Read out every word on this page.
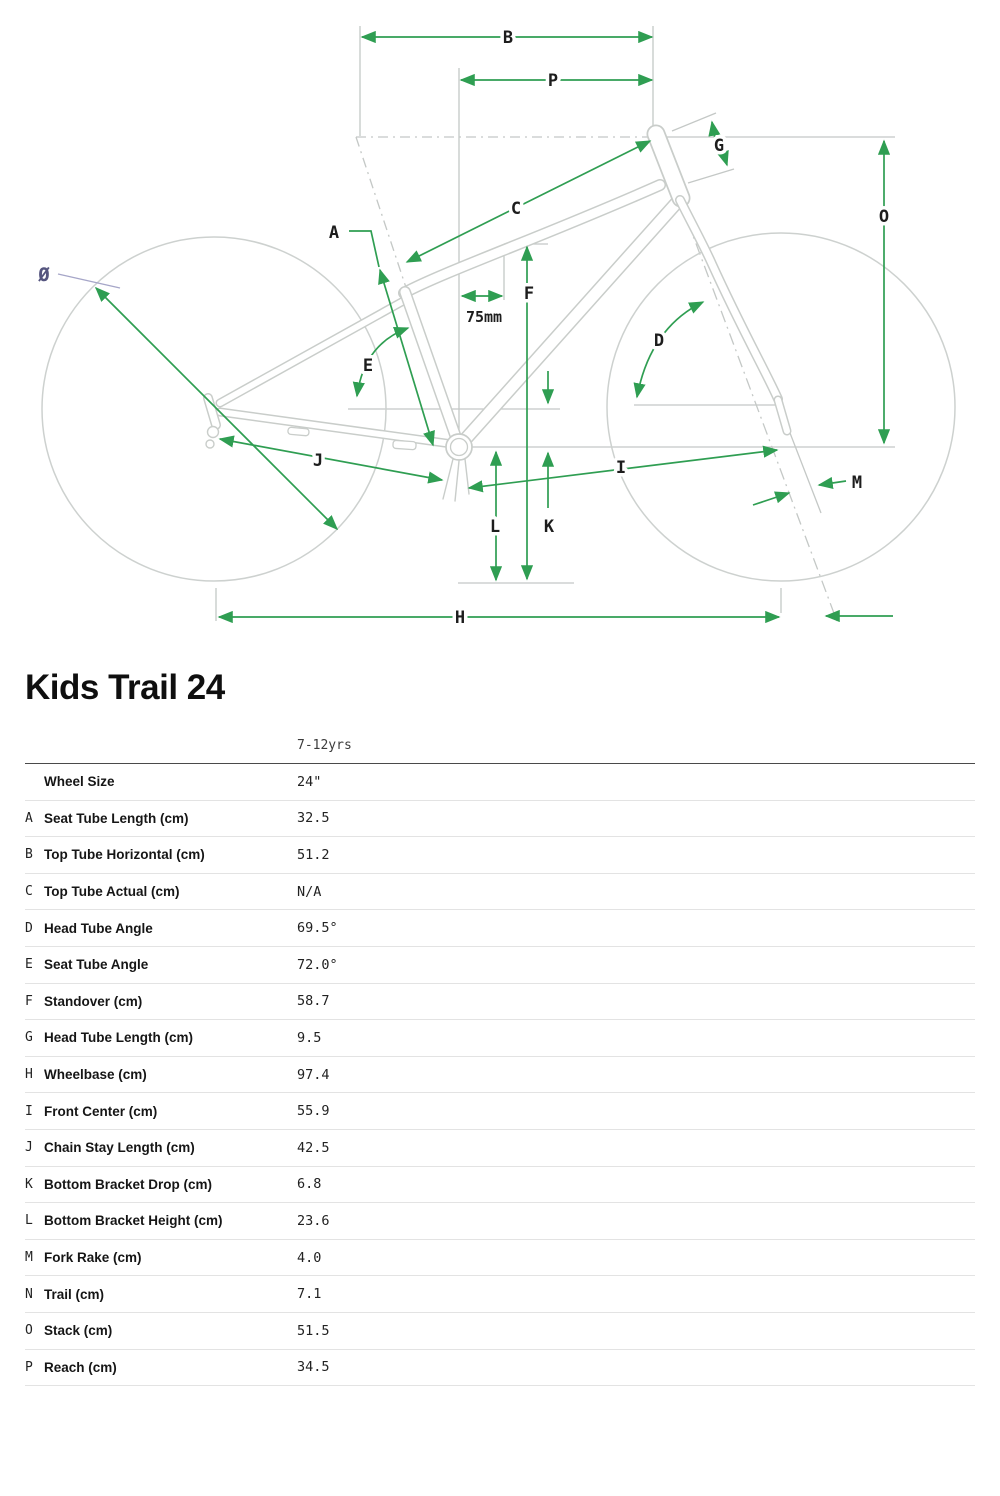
B
P
C
A
G
O
F
E
D
J	I
M
L	K
H
Ø
75mm
Kids Trail 24
7-12yrs
Wheel Size	24"
A Seat Tube Length (cm)	32.5
B Top Tube Horizontal (cm)	51.2
C Top Tube Actual (cm)	N/A
D Head Tube Angle	69.5°
E Seat Tube Angle	72.0°
F Standover (cm)	58.7
G Head Tube Length (cm)	9.5
H Wheelbase (cm)	97.4
I Front Center (cm)	55.9
J Chain Stay Length (cm)	42.5
K Bottom Bracket Drop (cm)	6.8
L Bottom Bracket Height (cm)	23.6
M Fork Rake (cm)	4.0
N Trail (cm)	7.1
O Stack (cm)	51.5
P Reach (cm)	34.5
